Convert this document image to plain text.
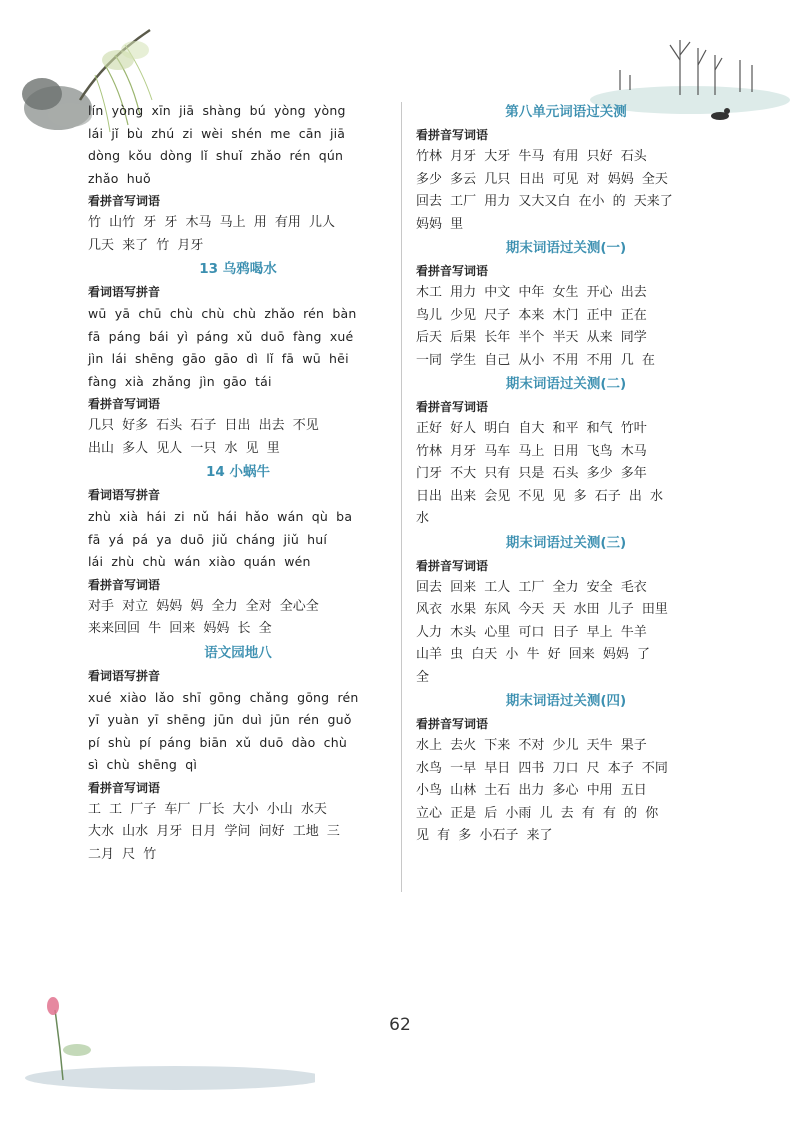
lín yòng xīn jiā shàng bú yòng yòng
lái jǐ bù zhú zi wèi shén me cān jiā
dòng kǒu dòng lǐ shuǐ zhǎo rén qún
zhǎo huǒ
看拼音写词语
竹 山竹 牙 牙 木马 马上 用 有用 儿人
几天 来了 竹 月牙
13 乌鸦喝水
看词语写拼音
wū yā chū chù chù chù zhǎo rén bàn
fā páng bái yì páng xǔ duō fàng xué
jìn lái shēng gāo gāo dì lǐ fā wū hēi
fàng xià zhǎng jìn gāo tái
看拼音写词语
几只 好多 石头 石子 日出 出去 不见
出山 多人 见人 一只 水 见 里
14 小蜗牛
看词语写拼音
zhù xià hái zi nǔ hái hǎo wán qù ba
fā yá pá ya duō jiǔ cháng jiǔ huí
lái zhù chù wán xiào quán wén
看拼音写词语
对手 对立 妈妈 妈 全力 全对 全心全
来来回回 牛 回来 妈妈 长 全
语文园地八
看词语写拼音
xué xiào lǎo shī gōng chǎng gōng rén
yī yuàn yī shēng jūn duì jūn rén guǒ
pí shù pí páng biān xǔ duō dào chù
sì chù shēng qì
看拼音写词语
工 工 厂子 车厂 厂长 大小 小山 水天
大水 山水 月牙 日月 学问 问好 工地 三
二月 尺 竹
第八单元词语过关测
看拼音写词语
竹林 月牙 大牙 牛马 有用 只好 石头
多少 多云 几只 日出 可见 对 妈妈 全天
回去 工厂 用力 又大又白 在小 的 天来了
妈妈 里
期末词语过关测(一)
看拼音写词语
木工 用力 中文 中年 女生 开心 出去
鸟儿 少见 尺子 本来 木门 正中 正在
后天 后果 长年 半个 半天 从来 同学
一同 学生 自己 从小 不用 不用 几 在
期末词语过关测(二)
看拼音写词语
正好 好人 明白 自大 和平 和气 竹叶
竹林 月牙 马车 马上 日用 飞鸟 木马
门牙 不大 只有 只是 石头 多少 多年
日出 出来 会见 不见 见 多 石子 出 水
水
期末词语过关测(三)
看拼音写词语
回去 回来 工人 工厂 全力 安全 毛衣
风衣 水果 东风 今天 天 水田 儿子 田里
人力 木头 心里 可口 日子 早上 牛羊
山羊 虫 白天 小 牛 好 回来 妈妈 了
全
期末词语过关测(四)
看拼音写词语
水上 去火 下来 不对 少儿 天牛 果子
水鸟 一早 早日 四书 刀口 尺 本子 不同
小鸟 山林 土石 出力 多心 中用 五日
立心 正是 后 小雨 儿 去 有 有 的 你
见 有 多 小石子 来了
62
